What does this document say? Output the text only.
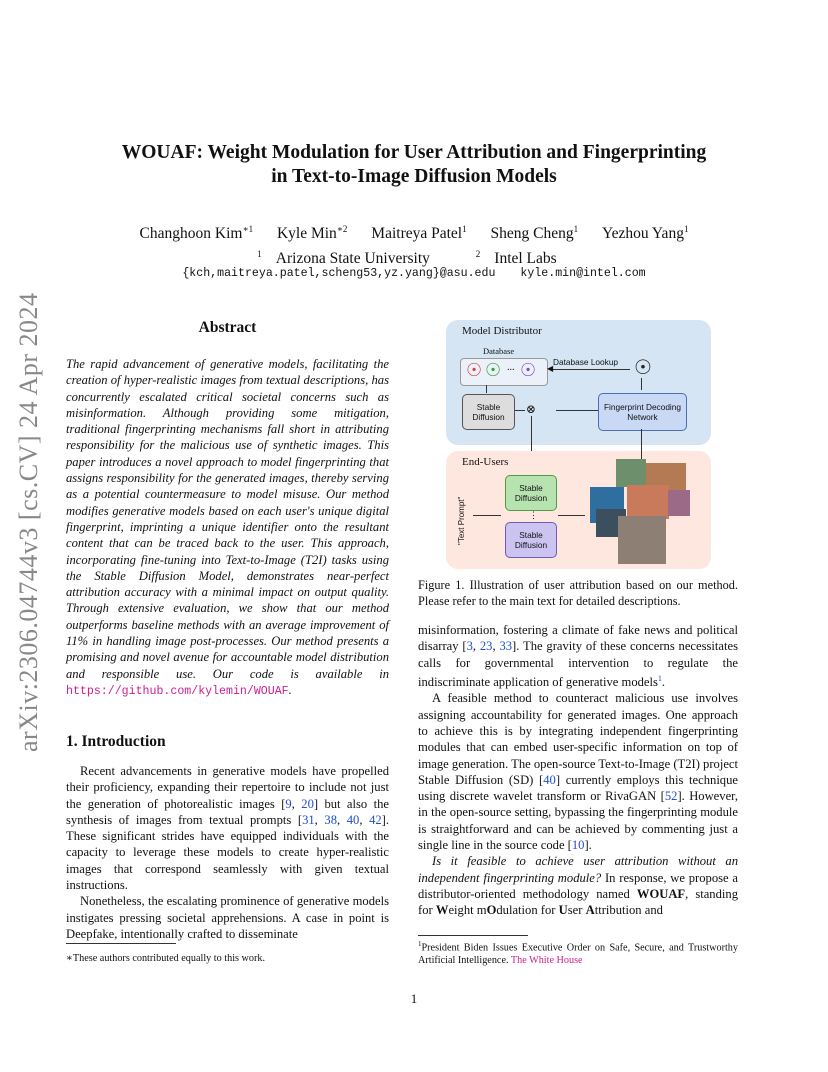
arXiv:2306.04744v3 [cs.CV] 24 Apr 2024
WOUAF: Weight Modulation for User Attribution and Fingerprinting
in Text-to-Image Diffusion Models
Changhoon Kim$^{∗1}$ Kyle Min$^{∗2}$ Maitreya Patel$^1$ Sheng Cheng$^1$ Yezhou Yang$^1$
$^1$ Arizona State University	$^2$ Intel Labs
{kch,maitreya.patel,scheng53,yz.yang}@asu.edu kyle.min@intel.com
Abstract
The rapid advancement of generative models, facilitating the creation of hyper-realistic images from textual descriptions, has concurrently escalated critical societal concerns such as misinformation. Although providing some mitigation, traditional fingerprinting mechanisms fall short in attributing responsibility for the malicious use of synthetic images. This paper introduces a novel approach to model fingerprinting that assigns responsibility for the generated images, thereby serving as a potential countermeasure to model misuse. Our method modifies generative models based on each user's unique digital fingerprint, imprinting a unique identifier onto the resultant content that can be traced back to the user. This approach, incorporating fine-tuning into Text-to-Image (T2I) tasks using the Stable Diffusion Model, demonstrates near-perfect attribution accuracy with a minimal impact on output quality. Through extensive evaluation, we show that our method outperforms baseline methods with an average improvement of 11% in handling image post-processes. Our method presents a promising and novel avenue for accountable model distribution and responsible use. Our code is available in https://github.com/kylemin/WOUAF.
1. Introduction

Recent advancements in generative models have propelled their proficiency, expanding their repertoire to include not just the generation of photorealistic images [9, 20] but also the synthesis of images from textual prompts [31, 38, 40, 42]. These significant strides have equipped individuals with the capacity to leverage these models to create hyper-realistic images that correspond seamlessly with given textual instructions.

Nonetheless, the escalating prominence of generative models instigates pressing societal apprehensions. A case in point is Deepfake, intentionally crafted to disseminate

∗These authors contributed equally to this work.
Model Distributor
Database
☉ ☉ ... ☉ Database Lookup
◀	☉
Stable Diffusion
⊗	Fingerprint Decoding Network
End-Users
"Text Prompt"
Stable Diffusion
⋮
Stable Diffusion
Figure 1. Illustration of user attribution based on our method. Please refer to the main text for detailed descriptions.

misinformation, fostering a climate of fake news and political disarray [3, 23, 33]. The gravity of these concerns necessitates calls for governmental intervention to regulate the indiscriminate application of generative models$^1$.

A feasible method to counteract malicious use involves assigning accountability for generated images. One approach to achieve this is by integrating independent fingerprinting modules that can embed user-specific information on top of image generation. The open-source Text-to-Image (T2I) project Stable Diffusion (SD) [40] currently employs this technique using discrete wavelet transform or RivaGAN [52]. However, in the open-source setting, bypassing the fingerprinting module is straightforward and can be achieved by commenting just a single line in the source code [10].

Is it feasible to achieve user attribution without an independent fingerprinting module? In response, we propose a distributor-oriented methodology named WOUAF, standing for Weight mOdulation for User Attribution and

$^1$President Biden Issues Executive Order on Safe, Secure, and Trustworthy Artificial Intelligence. The White House
1
